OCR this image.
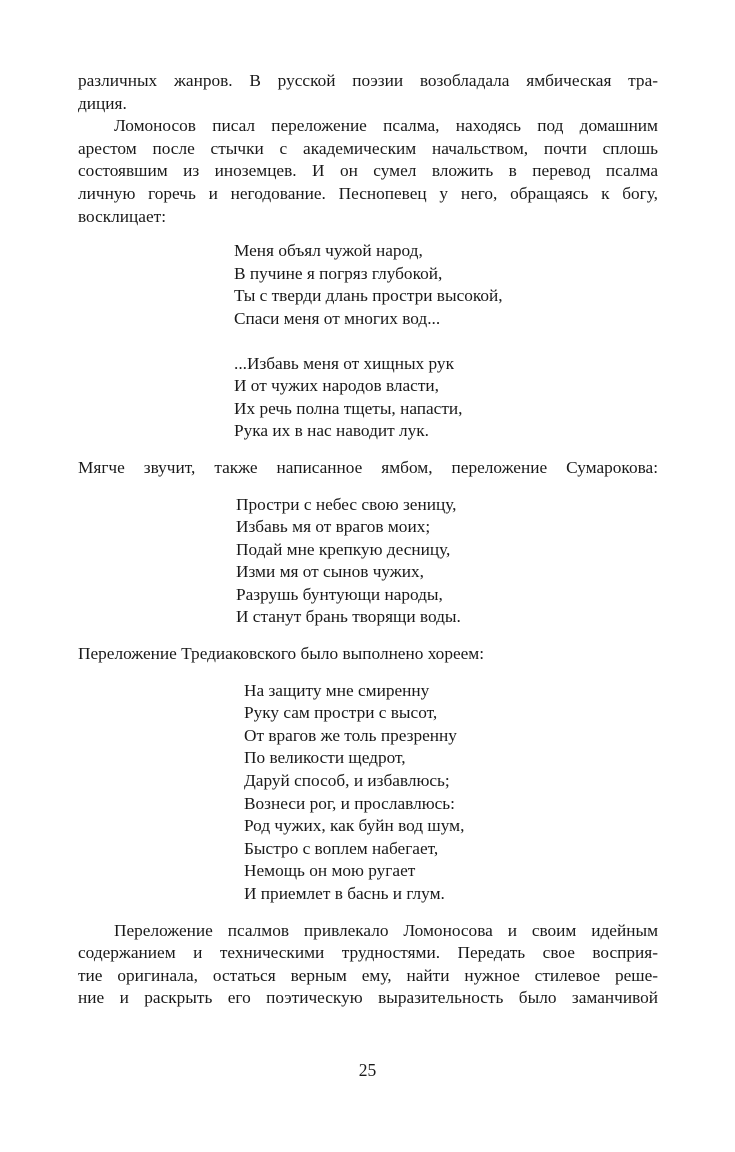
различных жанров. В русской поэзии возобладала ямбическая тра-
диция.

Ломоносов писал переложение псалма, находясь под домашним
арестом после стычки с академическим начальством, почти сплошь
состоявшим из иноземцев. И он сумел вложить в перевод псалма
личную горечь и негодование. Песнопевец у него, обращаясь к богу,
восклицает:

Меня объял чужой народ,
В пучине я погряз глубокой,
Ты с тверди длань простри высокой,
Спаси меня от многих вод...
...Избавь меня от хищных рук
И от чужих народов власти,
Их речь полна тщеты, напасти,
Рука их в нас наводит лук.

Мягче звучит, также написанное ямбом, переложение Сумарокова:

Простри с небес свою зеницу,
Избавь мя от врагов моих;
Подай мне крепкую десницу,
Изми мя от сынов чужих,
Разрушь бунтующи народы,
И станут брань творящи воды.

Переложение Тредиаковского было выполнено хореем:

На защиту мне смиренну
Руку сам простри с высот,
От врагов же толь презренну
По великости щедрот,
Даруй способ, и избавлюсь;
Вознеси рог, и прославлюсь:
Род чужих, как буйн вод шум,
Быстро с воплем набегает,
Немощь он мою ругает
И приемлет в баснь и глум.

Переложение псалмов привлекало Ломоносова и своим идейным
содержанием и техническими трудностями. Передать свое восприя-
тие оригинала, остаться верным ему, найти нужное стилевое реше-
ние и раскрыть его поэтическую выразительность было заманчивой

25
